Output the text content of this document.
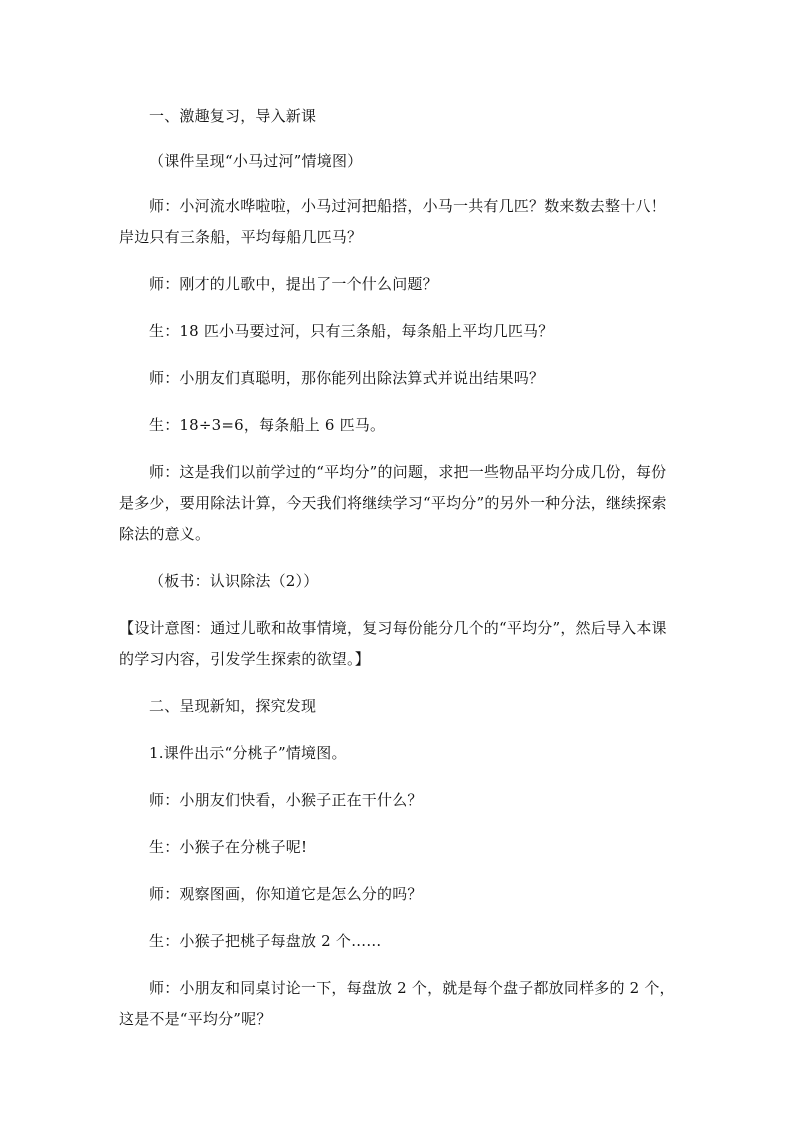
一、激趣复习，导入新课

（课件呈现“小马过河”情境图）

师：小河流水哗啦啦，小马过河把船搭，小马一共有几匹？数来数去整十八！岸边只有三条船，平均每船几匹马？

师：刚才的儿歌中，提出了一个什么问题？

生：18 匹小马要过河，只有三条船，每条船上平均几匹马？

师：小朋友们真聪明，那你能列出除法算式并说出结果吗？

生：18÷3=6，每条船上 6 匹马。

师：这是我们以前学过的“平均分”的问题，求把一些物品平均分成几份，每份是多少，要用除法计算，今天我们将继续学习“平均分”的另外一种分法，继续探索除法的意义。

（板书：认识除法（2））

【设计意图：通过儿歌和故事情境，复习每份能分几个的“平均分”，然后导入本课的学习内容，引发学生探索的欲望。】

二、呈现新知，探究发现

1.课件出示“分桃子”情境图。

师：小朋友们快看，小猴子正在干什么？

生：小猴子在分桃子呢!

师：观察图画，你知道它是怎么分的吗？

生：小猴子把桃子每盘放 2 个……

师：小朋友和同桌讨论一下，每盘放 2 个，就是每个盘子都放同样多的 2 个，这是不是“平均分”呢？
